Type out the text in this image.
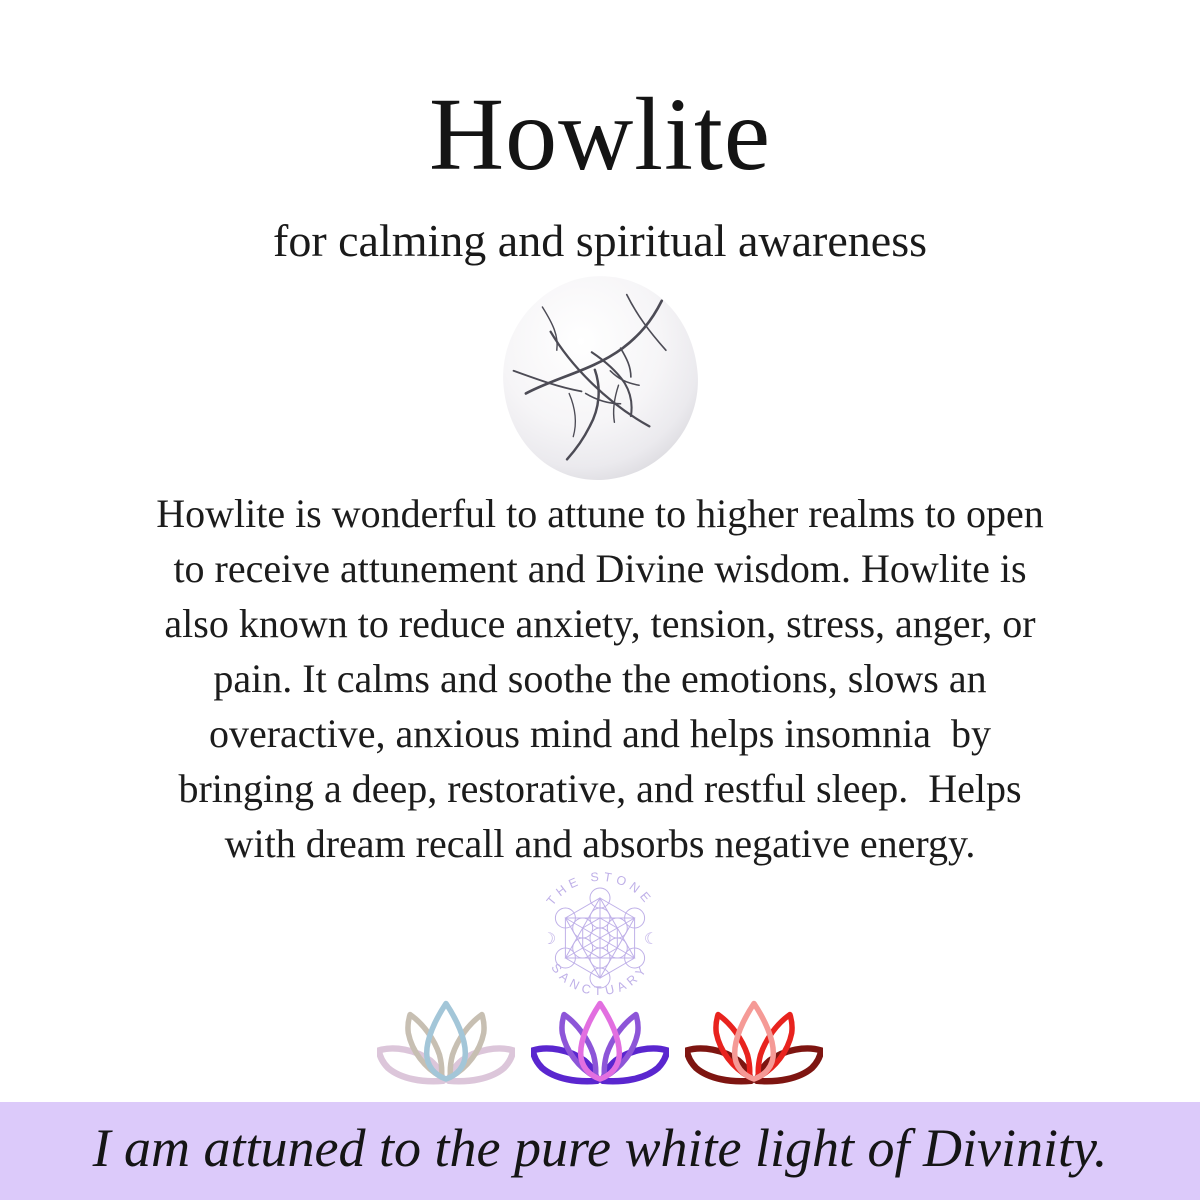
Howlite
for calming and spiritual awareness
Howlite is wonderful to attune to higher realms to open
to receive attunement and Divine wisdom. Howlite is
also known to reduce anxiety, tension, stress, anger, or
pain. It calms and soothe the emotions, slows an
overactive, anxious mind and helps insomnia  by
bringing a deep, restorative, and restful sleep.  Helps
with dream recall and absorbs negative energy.
THE STONE
SANCTUARY
☽	☾
I am attuned to the pure white light of Divinity.
